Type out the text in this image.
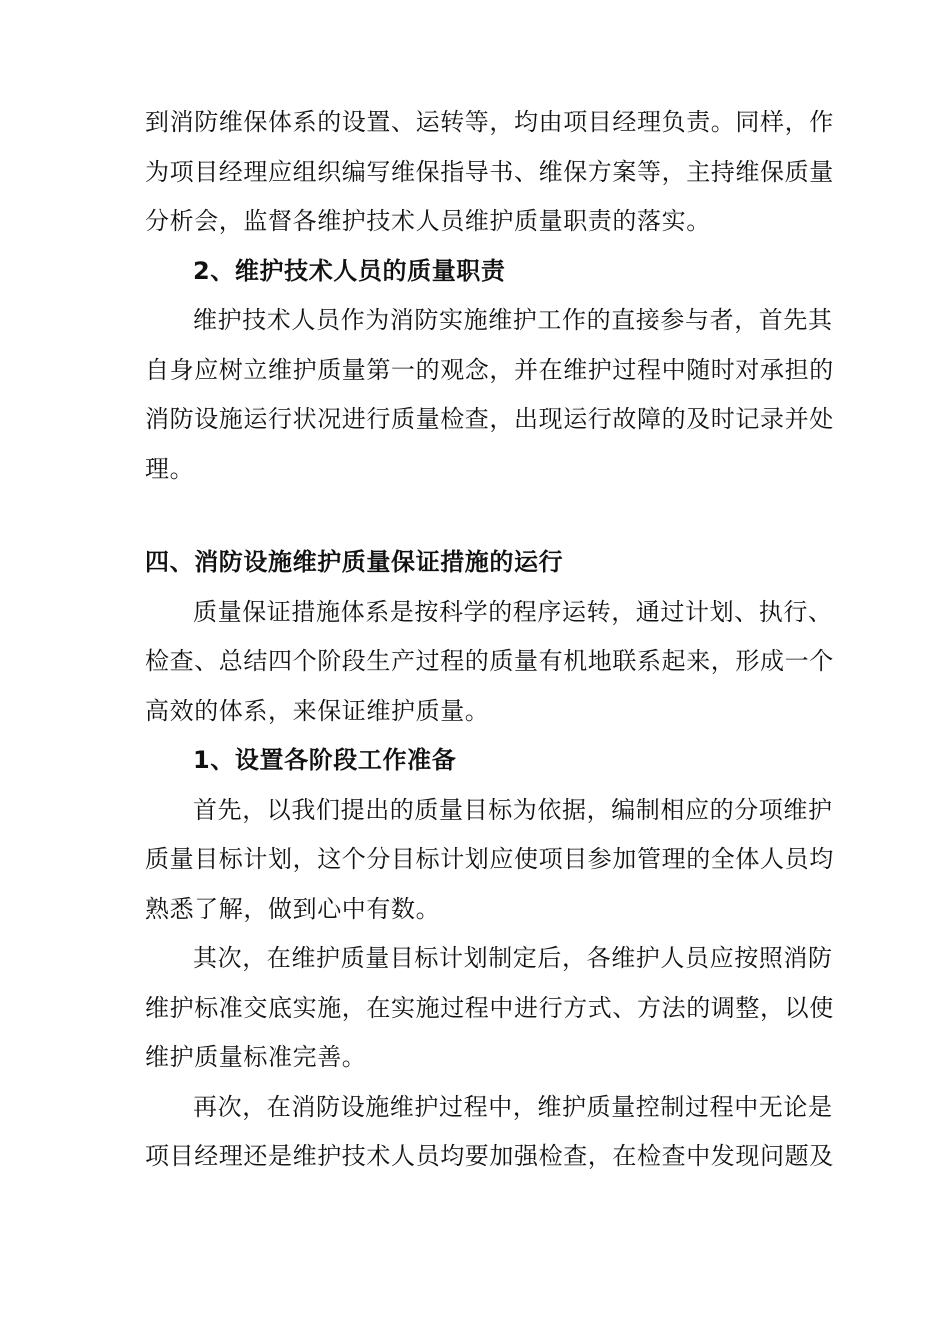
到消防维保体系的设置、运转等，均由项目经理负责。同样，作
为项目经理应组织编写维保指导书、维保方案等，主持维保质量
分析会，监督各维护技术人员维护质量职责的落实。
2、维护技术人员的质量职责
维护技术人员作为消防实施维护工作的直接参与者，首先其
自身应树立维护质量第一的观念，并在维护过程中随时对承担的
消防设施运行状况进行质量检查，出现运行故障的及时记录并处
理。
四、消防设施维护质量保证措施的运行
质量保证措施体系是按科学的程序运转，通过计划、执行、
检查、总结四个阶段生产过程的质量有机地联系起来，形成一个
高效的体系，来保证维护质量。
1、设置各阶段工作准备
首先，以我们提出的质量目标为依据，编制相应的分项维护
质量目标计划，这个分目标计划应使项目参加管理的全体人员均
熟悉了解，做到心中有数。
其次，在维护质量目标计划制定后，各维护人员应按照消防
维护标准交底实施，在实施过程中进行方式、方法的调整，以使
维护质量标准完善。
再次，在消防设施维护过程中，维护质量控制过程中无论是
项目经理还是维护技术人员均要加强检查，在检查中发现问题及
